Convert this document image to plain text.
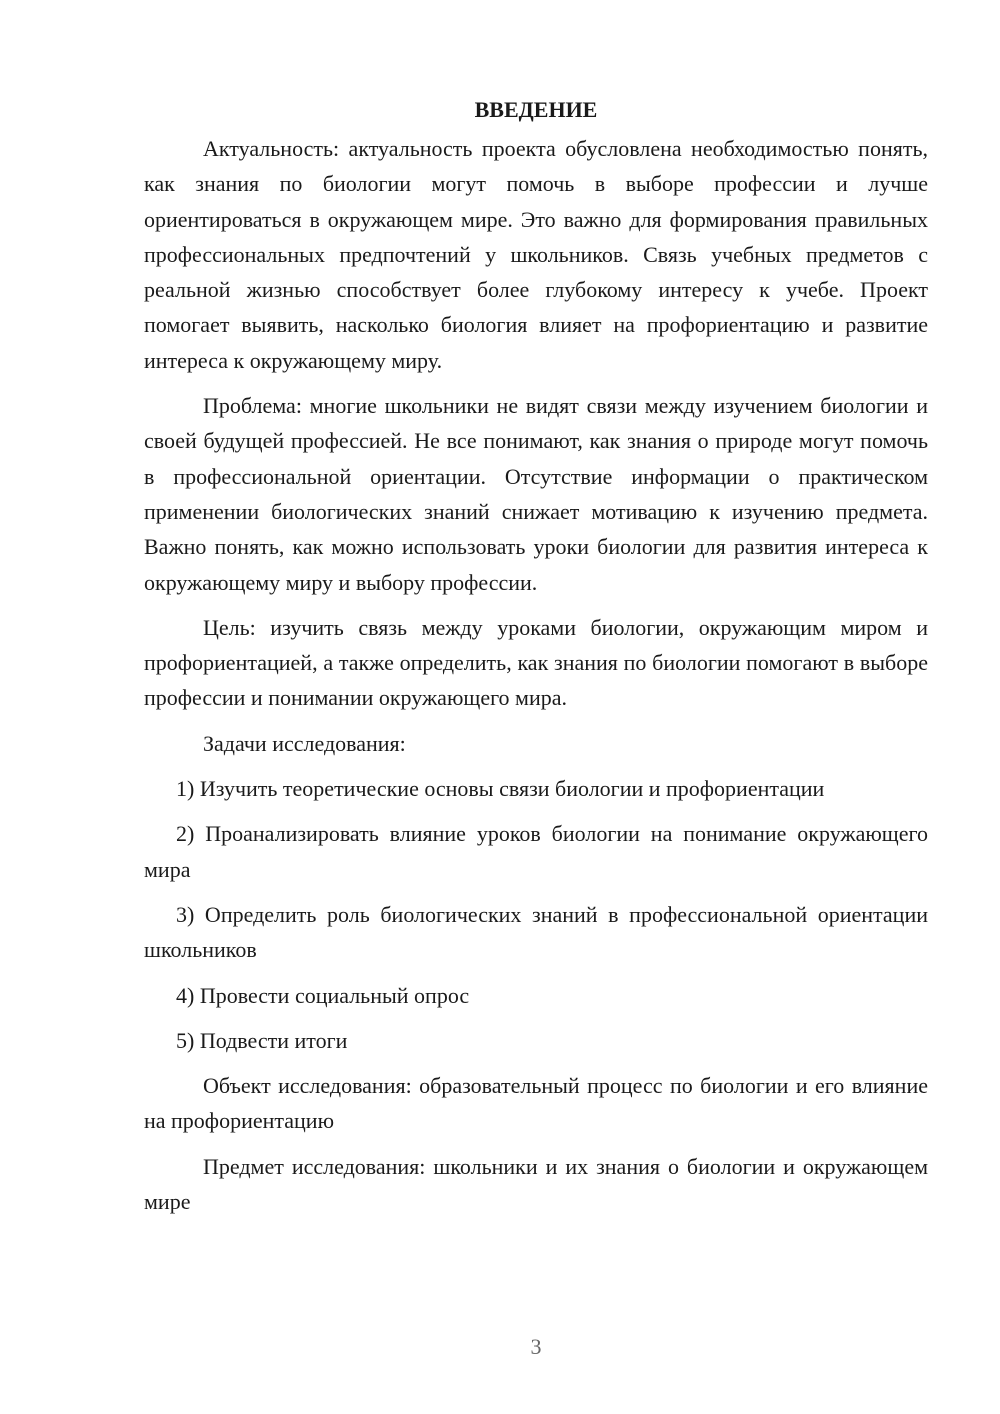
ВВЕДЕНИЕ

Актуальность: актуальность проекта обусловлена необходимостью понять, как знания по биологии могут помочь в выборе профессии и лучше ориентироваться в окружающем мире. Это важно для формирования правильных профессиональных предпочтений у школьников. Связь учебных предметов с реальной жизнью способствует более глубокому интересу к учебе. Проект помогает выявить, насколько биология влияет на профориентацию и развитие интереса к окружающему миру.

Проблема: многие школьники не видят связи между изучением биологии и своей будущей профессией. Не все понимают, как знания о природе могут помочь в профессиональной ориентации. Отсутствие информации о практическом применении биологических знаний снижает мотивацию к изучению предмета. Важно понять, как можно использовать уроки биологии для развития интереса к окружающему миру и выбору профессии.

Цель: изучить связь между уроками биологии, окружающим миром и профориентацией, а также определить, как знания по биологии помогают в выборе профессии и понимании окружающего мира.

Задачи исследования:

1) Изучить теоретические основы связи биологии и профориентации

2) Проанализировать влияние уроков биологии на понимание окружающего мира

3) Определить роль биологических знаний в профессиональной ориентации школьников

4) Провести социальный опрос

5) Подвести итоги

Объект исследования: образовательный процесс по биологии и его влияние на профориентацию

Предмет исследования: школьники и их знания о биологии и окружающем мире

3
